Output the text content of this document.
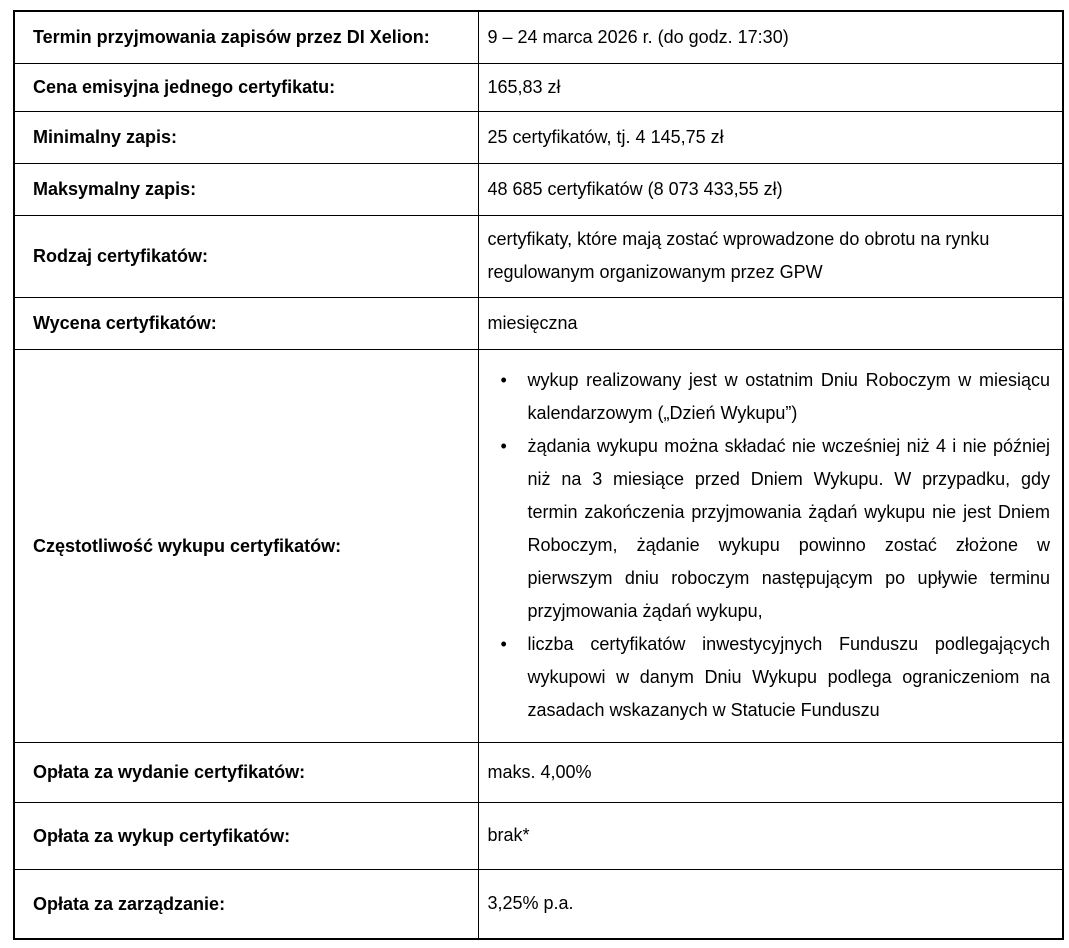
Termin przyjmowania zapisów przez DI Xelion:	9 – 24 marca 2026 r. (do godz. 17:30)
Cena emisyjna jednego certyfikatu:	165,83 zł
Minimalny zapis:	25 certyfikatów, tj. 4 145,75 zł
Maksymalny zapis:	48 685 certyfikatów (8 073 433,55 zł)
Rodzaj certyfikatów:	certyfikaty, które mają zostać wprowadzone do obrotu na rynku regulowanym organizowanym przez GPW
Wycena certyfikatów:	miesięczna
Częstotliwość wykupu certyfikatów:	
• wykup realizowany jest w ostatnim Dniu Roboczym w miesiącu kalendarzowym („Dzień Wykupu”)
• żądania wykupu można składać nie wcześniej niż 4 i nie później niż na 3 miesiące przed Dniem Wykupu. W przypadku, gdy termin zakończenia przyjmowania żądań wykupu nie jest Dniem Roboczym, żądanie wykupu powinno zostać złożone w pierwszym dniu roboczym następującym po upływie terminu przyjmowania żądań wykupu,
• liczba certyfikatów inwestycyjnych Funduszu podlegających wykupowi w danym Dniu Wykupu podlega ograniczeniom na zasadach wskazanych w Statucie Funduszu

Opłata za wydanie certyfikatów:	maks. 4,00%
Opłata za wykup certyfikatów:	brak*
Opłata za zarządzanie:	3,25% p.a.
